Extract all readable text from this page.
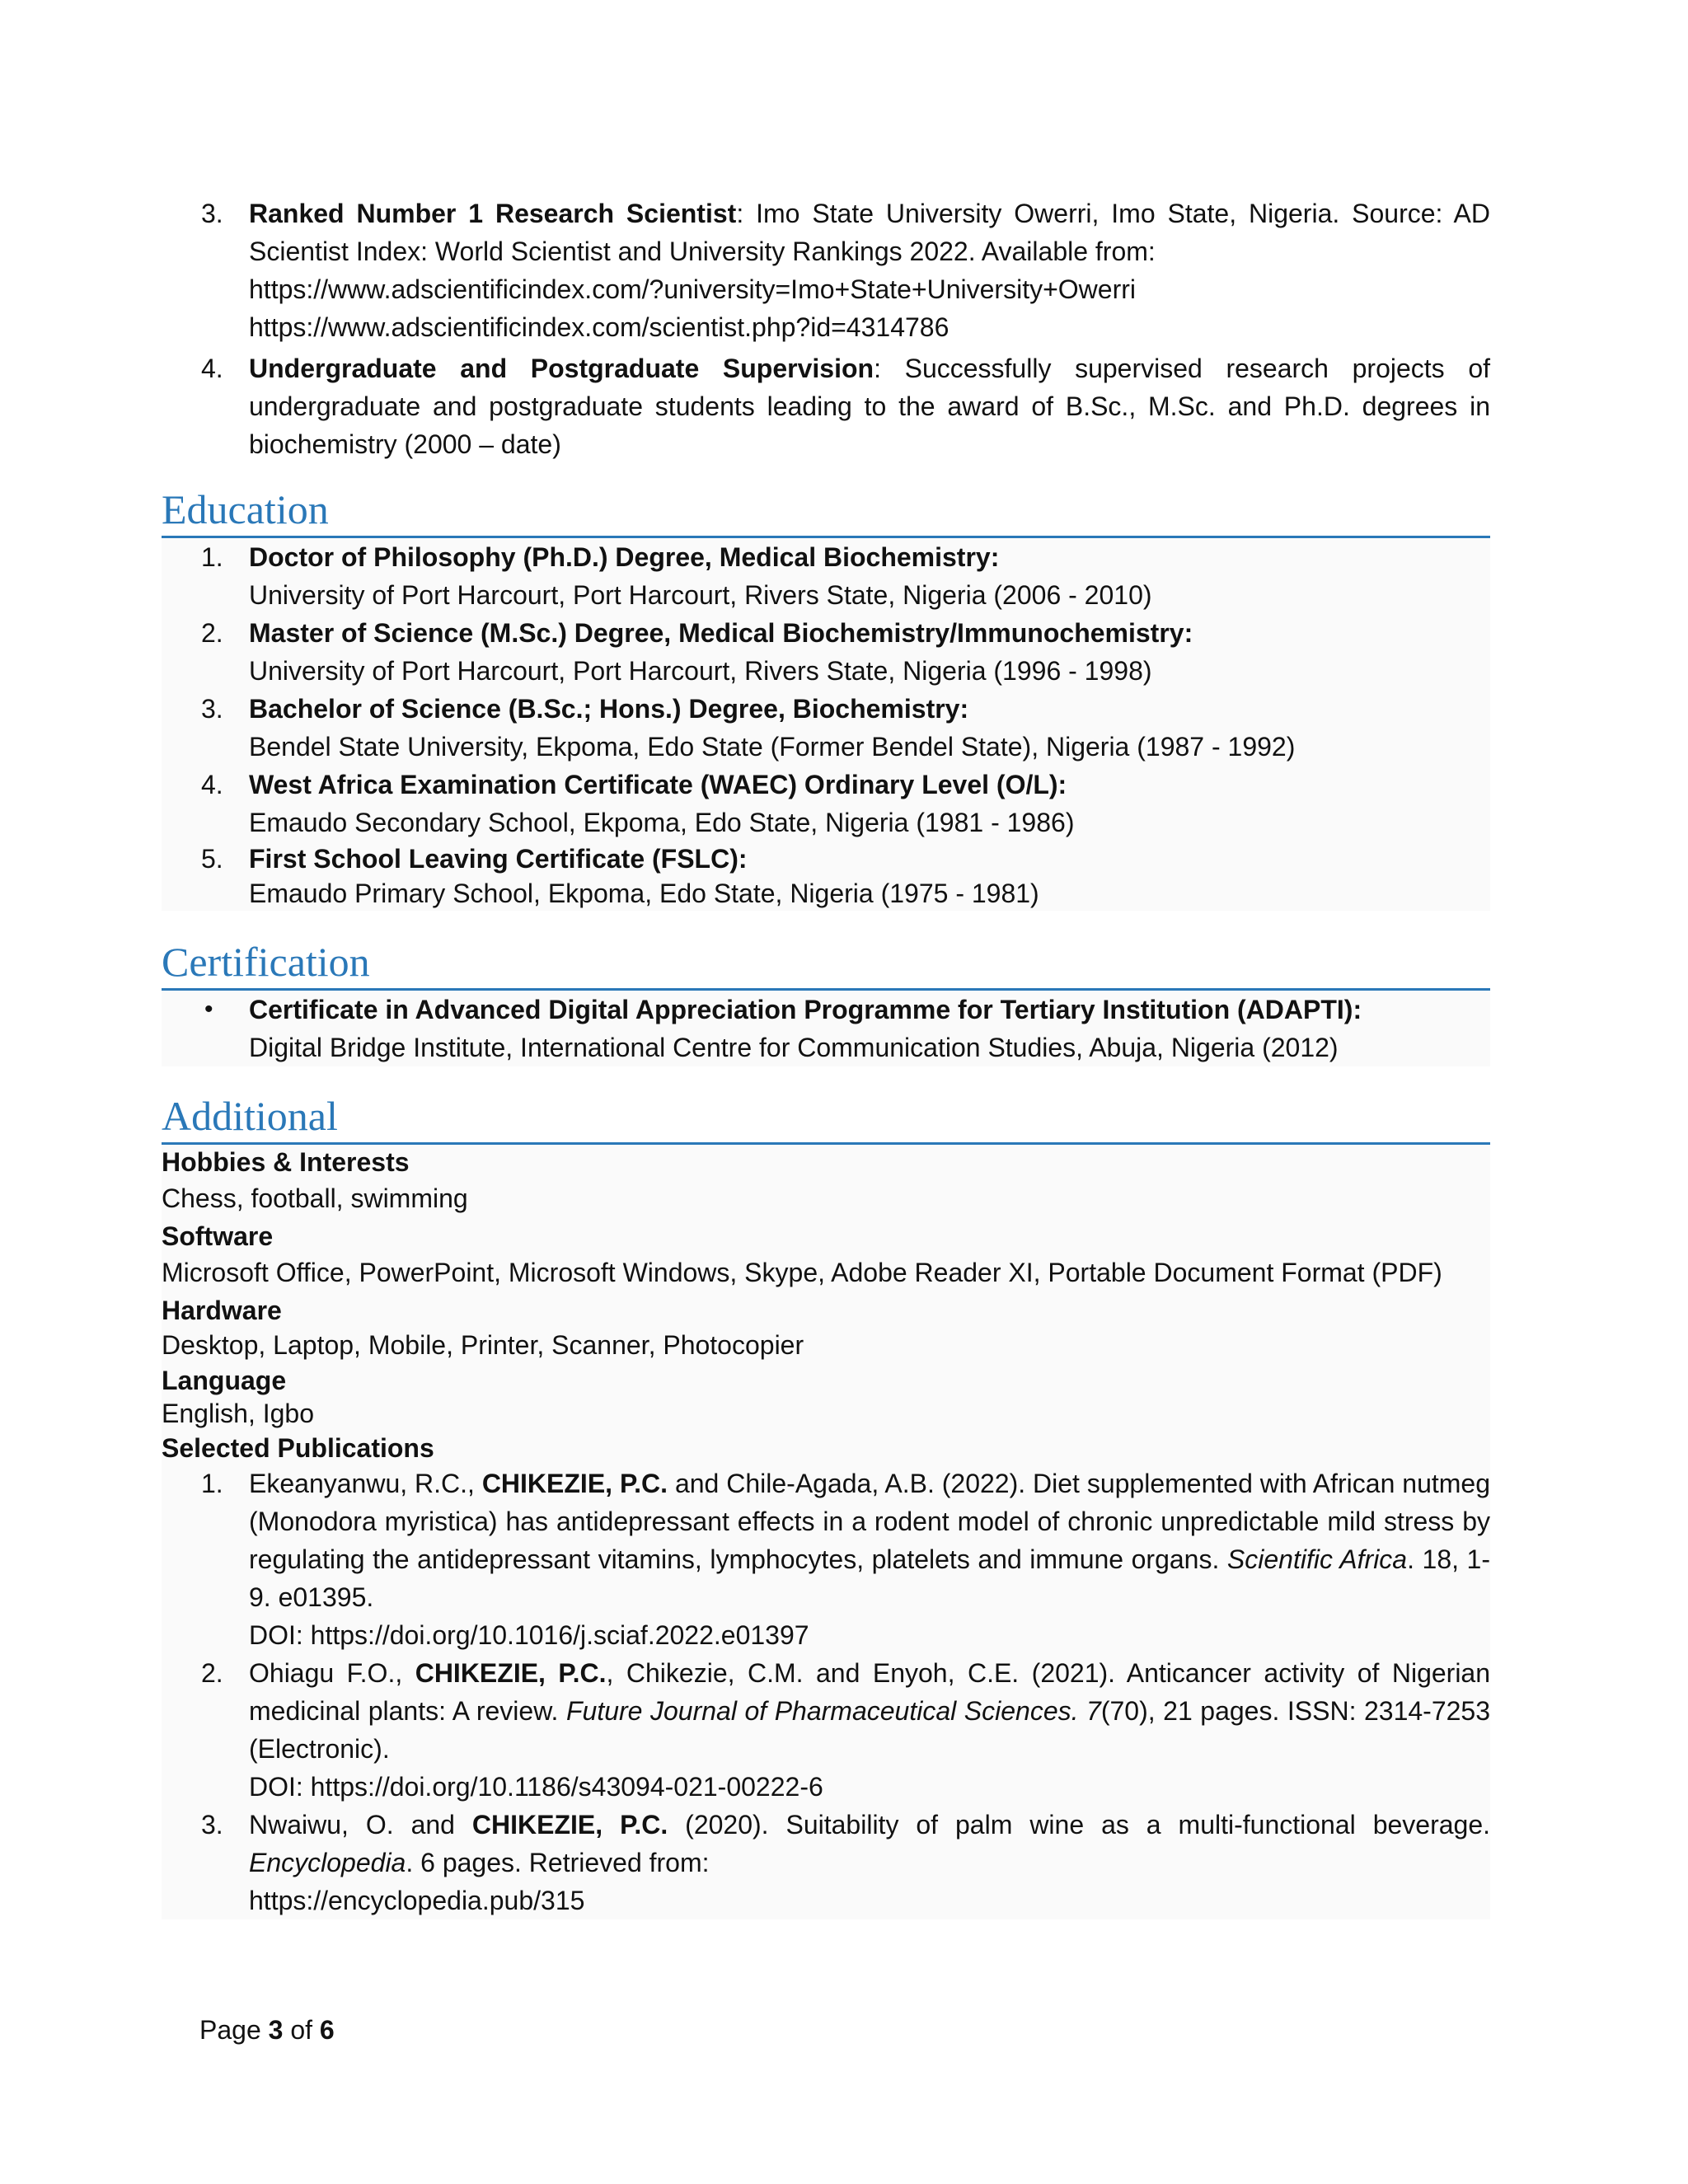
3. Ranked Number 1 Research Scientist: Imo State University Owerri, Imo State, Nigeria. Source: AD Scientist Index: World Scientist and University Rankings 2022. Available from:
https://www.adscientificindex.com/?university=Imo+State+University+Owerri
https://www.adscientificindex.com/scientist.php?id=4314786
4. Undergraduate and Postgraduate Supervision: Successfully supervised research projects of undergraduate and postgraduate students leading to the award of B.Sc., M.Sc. and Ph.D. degrees in biochemistry (2000 – date)
Education
1. Doctor of Philosophy (Ph.D.) Degree, Medical Biochemistry:
University of Port Harcourt, Port Harcourt, Rivers State, Nigeria (2006 - 2010)
2. Master of Science (M.Sc.) Degree, Medical Biochemistry/Immunochemistry:
University of Port Harcourt, Port Harcourt, Rivers State, Nigeria (1996 - 1998)
3. Bachelor of Science (B.Sc.; Hons.) Degree, Biochemistry:
Bendel State University, Ekpoma, Edo State (Former Bendel State), Nigeria (1987 - 1992)
4. West Africa Examination Certificate (WAEC) Ordinary Level (O/L):
Emaudo Secondary School, Ekpoma, Edo State, Nigeria (1981 - 1986)
5. First School Leaving Certificate (FSLC):
Emaudo Primary School, Ekpoma, Edo State, Nigeria (1975 - 1981)
Certification
• Certificate in Advanced Digital Appreciation Programme for Tertiary Institution (ADAPTI):
Digital Bridge Institute, International Centre for Communication Studies, Abuja, Nigeria (2012)
Additional
Hobbies & Interests
Chess, football, swimming
Software
Microsoft Office, PowerPoint, Microsoft Windows, Skype, Adobe Reader XI, Portable Document Format (PDF)
Hardware
Desktop, Laptop, Mobile, Printer, Scanner, Photocopier
Language
English, Igbo
Selected Publications
1. Ekeanyanwu, R.C., CHIKEZIE, P.C. and Chile-Agada, A.B. (2022). Diet supplemented with African nutmeg (Monodora myristica) has antidepressant effects in a rodent model of chronic unpredictable mild stress by regulating the antidepressant vitamins, lymphocytes, platelets and immune organs. Scientific Africa. 18, 1-9. e01395.
DOI: https://doi.org/10.1016/j.sciaf.2022.e01397
2. Ohiagu F.O., CHIKEZIE, P.C., Chikezie, C.M. and Enyoh, C.E. (2021). Anticancer activity of Nigerian medicinal plants: A review. Future Journal of Pharmaceutical Sciences. 7(70), 21 pages. ISSN: 2314-7253 (Electronic).
DOI: https://doi.org/10.1186/s43094-021-00222-6
3. Nwaiwu, O. and CHIKEZIE, P.C. (2020). Suitability of palm wine as a multi-functional beverage. Encyclopedia. 6 pages. Retrieved from:
https://encyclopedia.pub/315
Page 3 of 6
